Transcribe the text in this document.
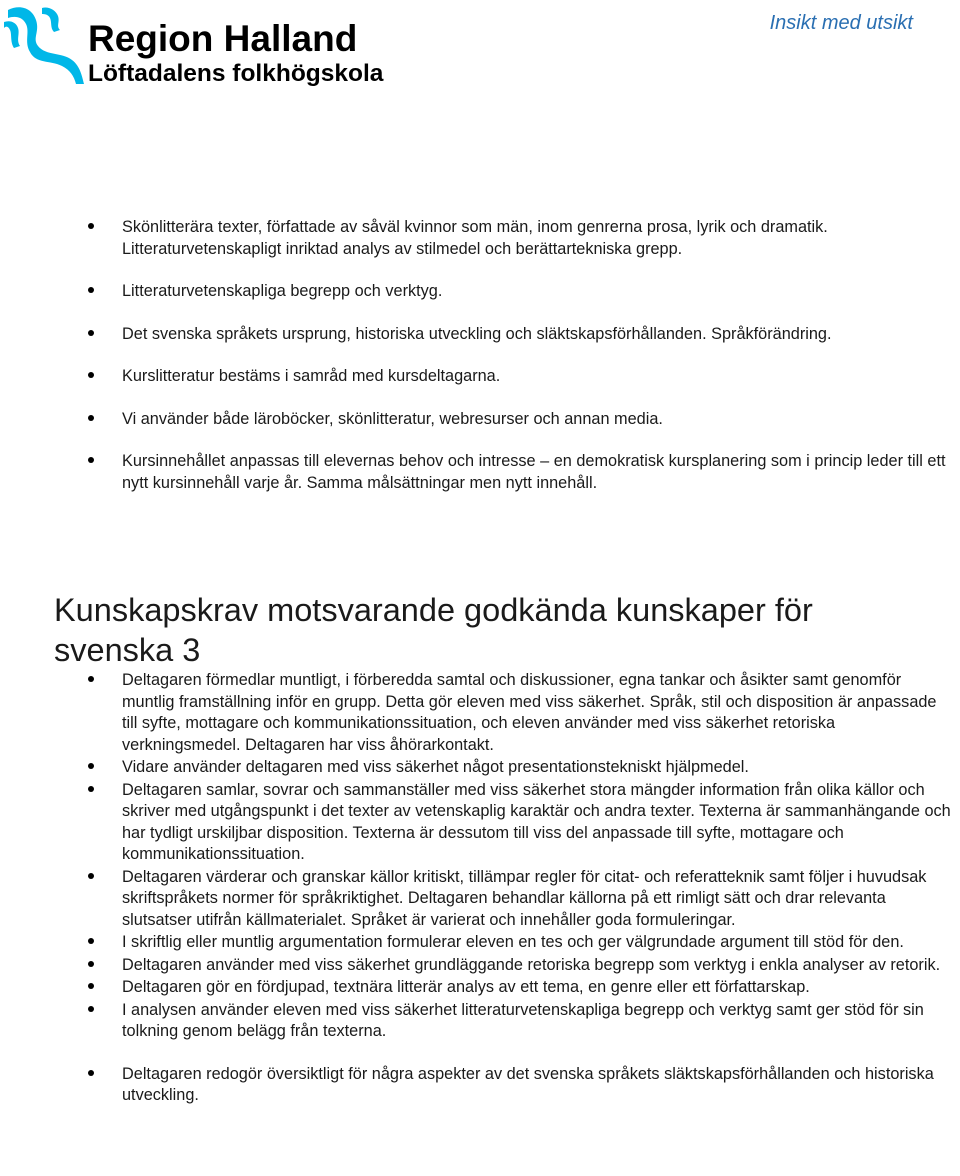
Region Halland
Löftadalens folkhögskola
Insikt med utsikt
Skönlitterära texter, författade av såväl kvinnor som män, inom genrerna prosa, lyrik och dramatik. Litteraturvetenskapligt inriktad analys av stilmedel och berättartekniska grepp.
Litteraturvetenskapliga begrepp och verktyg.
Det svenska språkets ursprung, historiska utveckling och släktskapsförhållanden. Språkförändring.
Kurslitteratur bestäms i samråd med kursdeltagarna.
Vi använder både läroböcker, skönlitteratur, webresurser och annan media.
Kursinnehållet anpassas till elevernas behov och intresse – en demokratisk kursplanering som i princip leder till ett nytt kursinnehåll varje år. Samma målsättningar men nytt innehåll.
Kunskapskrav motsvarande godkända kunskaper för svenska 3
Deltagaren förmedlar muntligt, i förberedda samtal och diskussioner, egna tankar och åsikter samt genomför muntlig framställning inför en grupp. Detta gör eleven med viss säkerhet. Språk, stil och disposition är anpassade till syfte, mottagare och kommunikationssituation, och eleven använder med viss säkerhet retoriska verkningsmedel. Deltagaren har viss åhörarkontakt.
Vidare använder deltagaren med viss säkerhet något presentationstekniskt hjälpmedel.
Deltagaren samlar, sovrar och sammanställer med viss säkerhet stora mängder information från olika källor och skriver med utgångspunkt i det texter av vetenskaplig karaktär och andra texter. Texterna är sammanhängande och har tydligt urskiljbar disposition. Texterna är dessutom till viss del anpassade till syfte, mottagare och kommunikationssituation.
Deltagaren värderar och granskar källor kritiskt, tillämpar regler för citat- och referatteknik samt följer i huvudsak skriftspråkets normer för språkriktighet. Deltagaren behandlar källorna på ett rimligt sätt och drar relevanta slutsatser utifrån källmaterialet. Språket är varierat och innehåller goda formuleringar.
I skriftlig eller muntlig argumentation formulerar eleven en tes och ger välgrundade argument till stöd för den.
Deltagaren använder med viss säkerhet grundläggande retoriska begrepp som verktyg i enkla analyser av retorik.
Deltagaren gör en fördjupad, textnära litterär analys av ett tema, en genre eller ett författarskap.
I analysen använder eleven med viss säkerhet litteraturvetenskapliga begrepp och verktyg samt ger stöd för sin tolkning genom belägg från texterna.
Deltagaren redogör översiktligt för några aspekter av det svenska språkets släktskapsförhållanden och historiska utveckling.
